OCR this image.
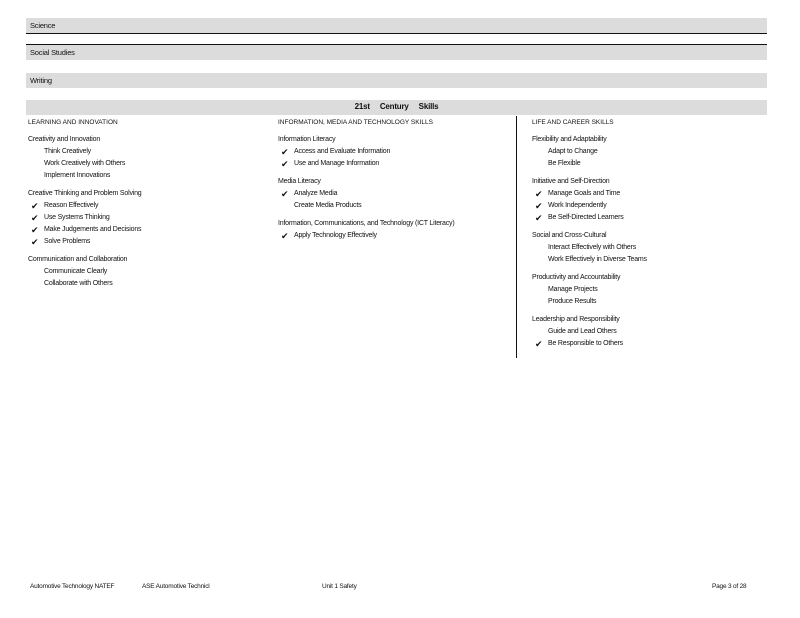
Science
Social Studies
Writing
21st Century Skills
LEARNING AND INNOVATION
Creativity and Innovation
Think Creatively
Work Creatively with Others
Implement Innovations
Creative Thinking and Problem Solving
✔ Reason Effectively
✔ Use Systems Thinking
✔ Make Judgements and Decisions
✔ Solve Problems
Communication and Collaboration
Communicate Clearly
Collaborate with Others
INFORMATION, MEDIA AND TECHNOLOGY SKILLS
Information Literacy
✔ Access and Evaluate Information
✔ Use and Manage Information
Media Literacy
✔ Analyze Media
Create Media Products
Information, Communications, and Technology (ICT Literacy)
✔ Apply Technology Effectively
LIFE AND CAREER SKILLS
Flexibility and Adaptability
Adapt to Change
Be Flexible
Initiative and Self-Direction
✔ Manage Goals and Time
✔ Work Independently
✔ Be Self-Directed Learners
Social and Cross-Cultural
Interact Effectively with Others
Work Effectively in Diverse Teams
Productivity and Accountability
Manage Projects
Produce Results
Leadership and Responsibility
Guide and Lead Others
✔ Be Responsible to Others
Automotive Technology NATEF	ASE Automotive Technicl	Unit 1 Safety	Page 3 of 28
